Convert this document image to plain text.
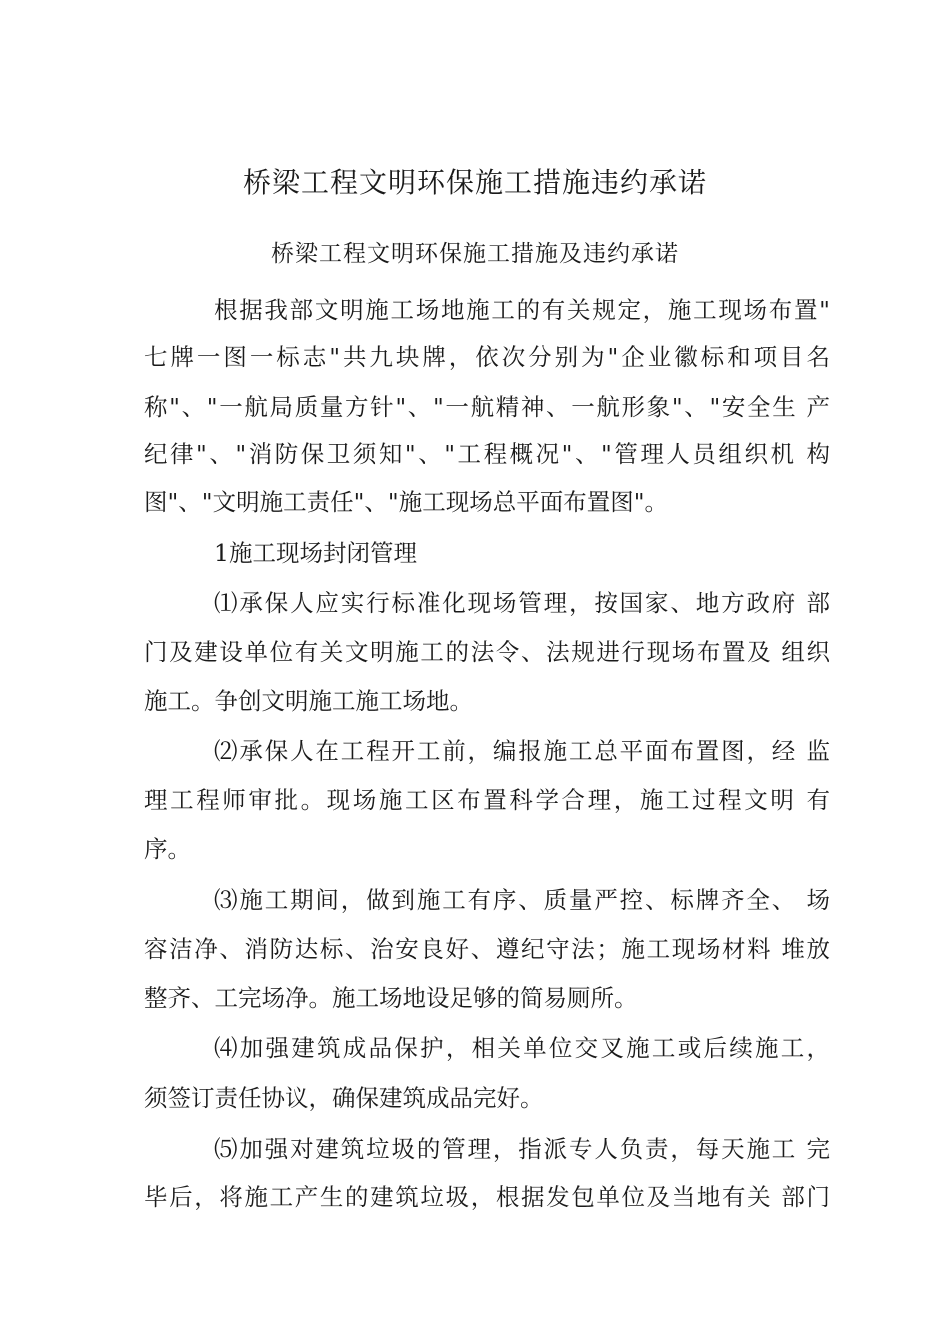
桥梁工程文明环保施工措施违约承诺
桥梁工程文明环保施工措施及违约承诺
根据我部文明施工场地施工的有关规定，施工现场布置"
七牌一图一标志"共九块牌，依次分别为"企业徽标和项目名
称"、"一航局质量方针"、"一航精神、一航形象"、"安全生 产
纪律"、"消防保卫须知"、"工程概况"、"管理人员组织机 构
图"、"文明施工责任"、"施工现场总平面布置图"。
1施工现场封闭管理
⑴承保人应实行标准化现场管理，按国家、地方政府 部
门及建设单位有关文明施工的法令、法规进行现场布置及 组织
施工。争创文明施工施工场地。
⑵承保人在工程开工前，编报施工总平面布置图，经 监
理工程师审批。现场施工区布置科学合理，施工过程文明 有
序。
⑶施工期间，做到施工有序、质量严控、标牌齐全、 场
容洁净、消防达标、治安良好、遵纪守法；施工现场材料 堆放
整齐、工完场净。施工场地设足够的简易厕所。
⑷加强建筑成品保护，相关单位交叉施工或后续施工，
须签订责任协议，确保建筑成品完好。
⑸加强对建筑垃圾的管理，指派专人负责，每天施工 完
毕后，将施工产生的建筑垃圾，根据发包单位及当地有关 部门
